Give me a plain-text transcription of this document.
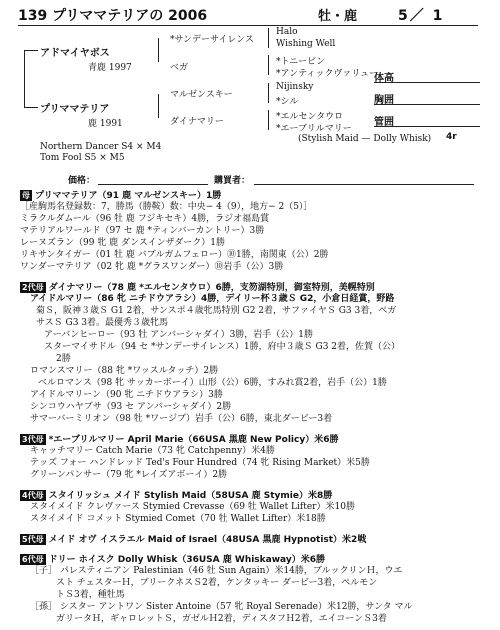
139 プリママテリアの 2006	牡・鹿	5／ 1
アドマイヤボス
青鹿 1997
プリママテリア
鹿 1991
*サンデーサイレンス
ベガ
マルゼンスキー
ダイナマリー
Halo
Wishing Well
*トニービン
*アンティックヴァリュー
Nijinsky
*シル
*エルセンタウロ
*エーブリルマリー
(Stylish Maid — Dolly Whisk) 4r
体高
胸囲
管囲
Northern Dancer S4 × M4
Tom Fool S5 × M5
価格：	購買者：
母 プリママテリア（91 鹿 マルゼンスキー）1勝
［産駒馬名登録数：7，勝馬（勝鞍）数：中央− 4（9），地方− 2（5）］
ミラクルダムール（96 牡 鹿 フジキセキ）4勝，ラジオ福島賞
マテリアルワールド（97 セ 鹿 *ティンバーカントリー）3勝
レーヌズラン（99 牝 鹿 ダンスインザダーク）1勝
リキサンタイガー（01 牡 鹿 バブルガムフェロー）⑩1勝，南関東（公）2勝
ワンダーマテリア（02 牝 鹿 *グラスワンダー）⑩岩手（公）3勝
2代母 ダイナマリー（78 鹿 *エルセンタウロ）6勝，支笏湖特別，御室特別，美幌特別
アイドルマリー（86 牝 ニチドウアラシ）4勝，デイリー杯３歳Ｓ G2，小倉日経賞，野路
菊Ｓ，阪神３歳Ｓ G1 2着，サンスポ４歳牝馬特別 G2 2着，サファイヤＳ G3 3着，ペガ
サスＳ G3 3着。最優秀３歳牝馬
アーバンヒーロー（93 牡 アンバーシャダイ）3勝，岩手（公）1勝
スターマイサドル（94 セ *サンデーサイレンス）1勝，府中３歳Ｓ G3 2着，佐賀（公）
2勝
ロマンスマリー（88 牝 *ワッスルタッチ）2勝
ベルロマンス（98 牝 サッカーボーイ）山形（公）6勝，すみれ賞2着，岩手（公）1勝
アイドルマリーン（90 牝 ニチドウアラシ）3勝
シンコウハヤブサ（93 セ アンバーシャダイ）2勝
サマーバーミリオン（98 牡 *ワージブ）岩手（公）6勝，東北ダービー3着
3代母 *エーブリルマリー April Marie（66USA 黒鹿 New Policy）米6勝
キャッチマリー Catch Marie（73 牝 Catchpenny）米4勝
テッズ フォー ハンドレッド Ted's Four Hundred（74 牝 Rising Market）米5勝
グリーンパンサー（79 牝 *レイズアボーイ）2勝
4代母 スタイリッシュ メイド Stylish Maid（58USA 鹿 Stymie）米8勝
スタイメイド クレヴァース Stymied Crevasse（69 牡 Wallet Lifter）米10勝
スタイメイド コメット Stymied Comet（70 牡 Wallet Lifter）米18勝
5代母 メイド オヴ イスラエル Maid of Israel（48USA 黒鹿 Hypnotist）米2戦
6代母 ドリー ホイスク Dolly Whisk（36USA 鹿 Whiskaway）米6勝
［子］ パレスティニアン Palestinian（46 牡 Sun Again）米14勝，ブルックリンＨ，ウエ
スト チェスターＨ，ブリークネスＳ2着，ケンタッキー ダービー3着，ペルモン
トＳ3着，種牡馬
［孫］ シスター アントワン Sister Antoine（57 牝 Royal Serenade）米12勝，サンタ マル
ガリータＨ，ギャロレットＳ，ガゼルＨ2着，ディスタフＨ2着，エイコーンＳ3着
